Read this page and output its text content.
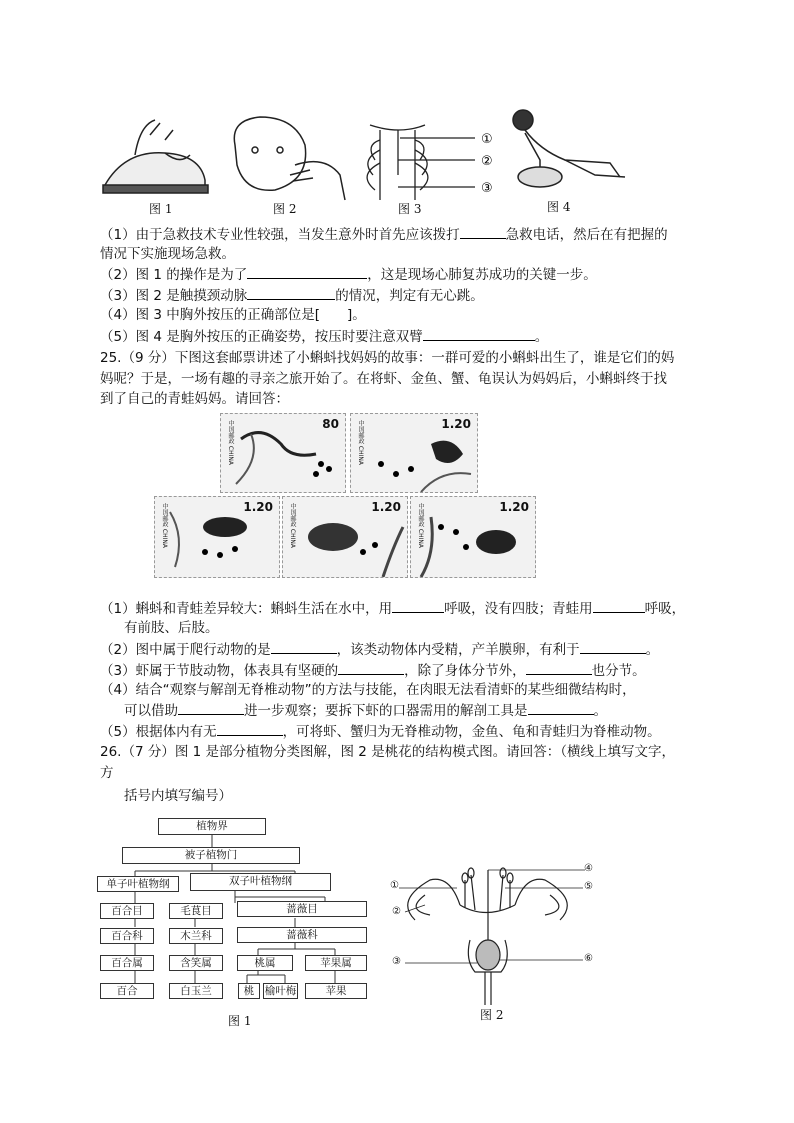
①
②
③
图 1	图 2	图 3	图 4
（1）由于急救技术专业性较强，当发生意外时首先应该拨打	急救电话，然后在有把握的
情况下实施现场急救。
（2）图 1 的操作是为了	，这是现场心肺复苏成功的关键一步。
（3）图 2 是触摸颈动脉	的情况，判定有无心跳。
（4）图 3 中胸外按压的正确部位是[　　]。
（5）图 4 是胸外按压的正确姿势，按压时要注意双臂	。
25.（9 分）下图这套邮票讲述了小蝌蚪找妈妈的故事：一群可爱的小蝌蚪出生了，谁是它们的妈
妈呢？于是，一场有趣的寻亲之旅开始了。在将虾、金鱼、蟹、龟误认为妈妈后，小蝌蚪终于找
到了自己的青蛙妈妈。请回答：
80
中国邮政 CHINA	1.20
中国邮政 CHINA
1.20
中国邮政 CHINA	1.20
中国邮政 CHINA	1.20
中国邮政 CHINA
（1）蝌蚪和青蛙差异较大：蝌蚪生活在水中，用	呼吸，没有四肢；青蛙用	呼吸，
有前肢、后肢。
（2）图中属于爬行动物的是	，该类动物体内受精，产羊膜卵，有利于	。
（3）虾属于节肢动物，体表具有坚硬的	，除了身体分节外，	也分节。
（4）结合“观察与解剖无脊椎动物”的方法与技能，在肉眼无法看清虾的某些细微结构时，
可以借助	进一步观察；要拆下虾的口器需用的解剖工具是	。
（5）根据体内有无	，可将虾、蟹归为无脊椎动物，金鱼、龟和青蛙归为脊椎动物。
26.（7 分）图 1 是部分植物分类图解，图 2 是桃花的结构模式图。请回答：（横线上填写文字，
方
括号内填写编号）
植物界
被子植物门
单子叶植物纲	双子叶植物纲
百合目
百合科
百合属
百合
毛茛目
木兰科
含笑属
白玉兰
蔷薇目
蔷薇科
桃属	苹果属
桃	榆叶梅	苹果
图 1
①
②
③
④
⑤
⑥
图 2
